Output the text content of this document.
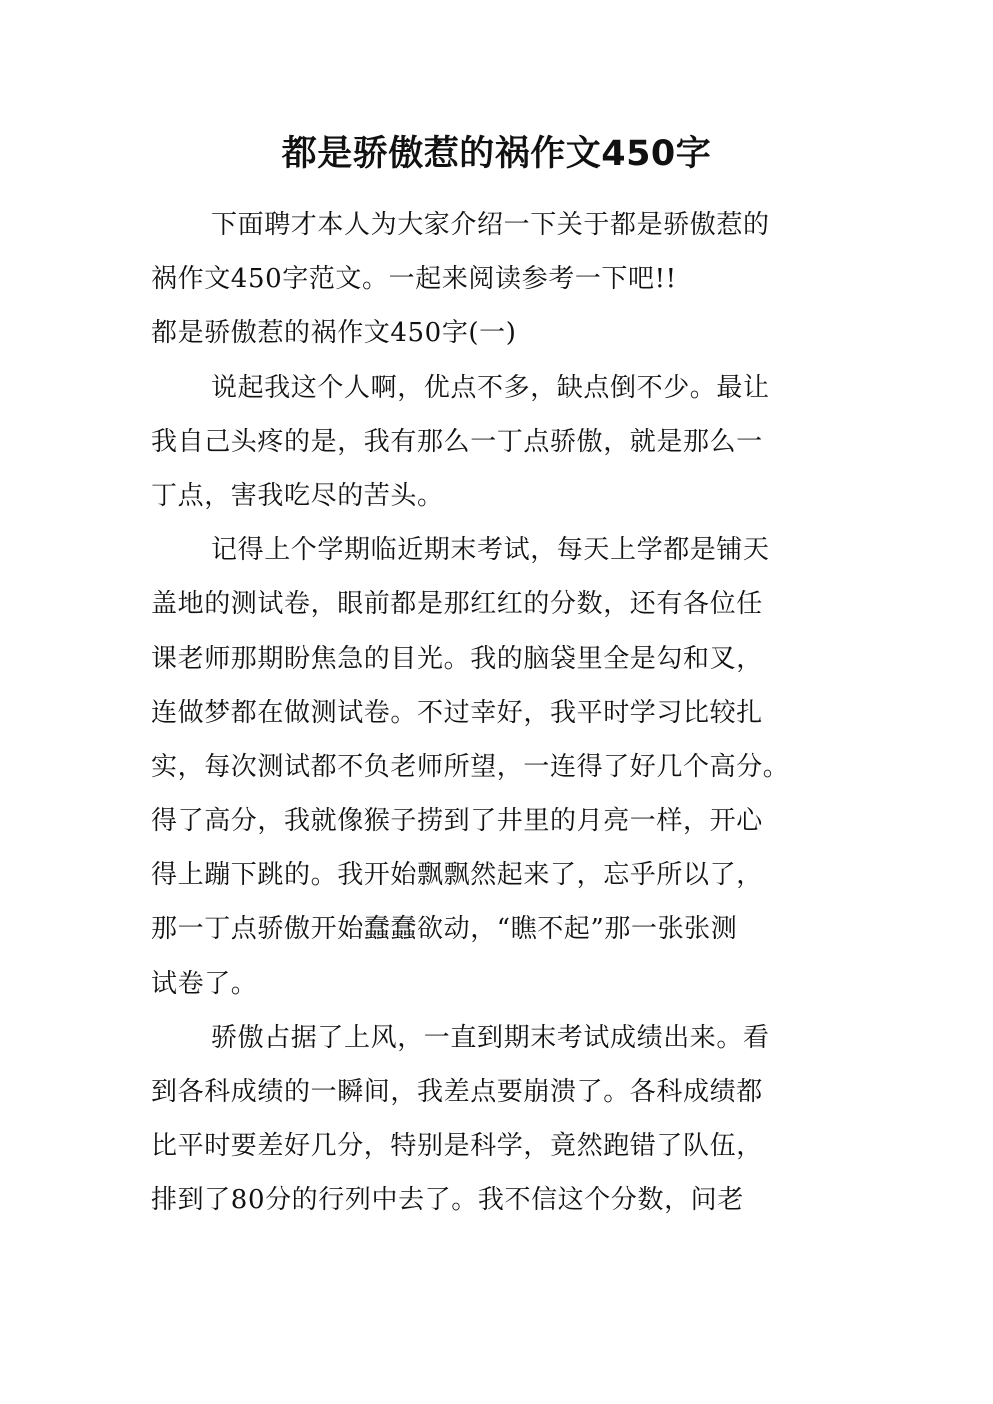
都是骄傲惹的祸作文450字
下面聘才本人为大家介绍一下关于都是骄傲惹的
祸作文450字范文。一起来阅读参考一下吧!!
都是骄傲惹的祸作文450字(一)
说起我这个人啊，优点不多，缺点倒不少。最让
我自己头疼的是，我有那么一丁点骄傲，就是那么一
丁点，害我吃尽的苦头。
记得上个学期临近期末考试，每天上学都是铺天
盖地的测试卷，眼前都是那红红的分数，还有各位任
课老师那期盼焦急的目光。我的脑袋里全是勾和叉，
连做梦都在做测试卷。不过幸好，我平时学习比较扎
实，每次测试都不负老师所望，一连得了好几个高分。
得了高分，我就像猴子捞到了井里的月亮一样，开心
得上蹦下跳的。我开始飘飘然起来了，忘乎所以了，
那一丁点骄傲开始蠢蠢欲动，“瞧不起”那一张张测
试卷了。
骄傲占据了上风，一直到期末考试成绩出来。看
到各科成绩的一瞬间，我差点要崩溃了。各科成绩都
比平时要差好几分，特别是科学，竟然跑错了队伍，
排到了80分的行列中去了。我不信这个分数，问老
